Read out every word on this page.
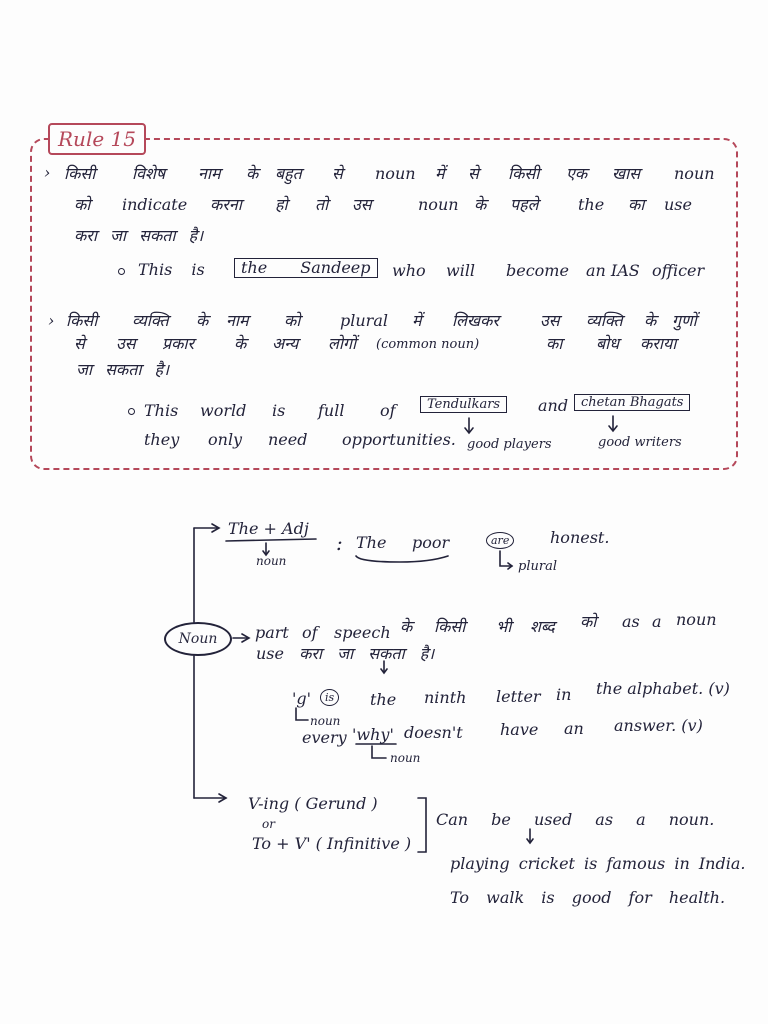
Rule 15
› किसी विशेष नाम के बहुत से noun में से किसी एक खास noun
को indicate करना हो तो उस	noun के पहले the का use
करा जा सकता है।
This is	the Sandeep	who will become an IAS officer
› किसी व्यक्ति के नाम को plural में लिखकर	उस व्यक्ति के गुणों
से उस प्रकार के अन्य लोगों (common noun)	का बोध कराया
जा सकता है।
This world is full of	Tendulkars	and chetan Bhagats
they only need opportunities. good players	good writers
Noun
The + Adj
noun
: The poor	are	honest.
plural
part of speech के किसी भी शब्द को as a noun
use करा जा सकता है।
'g'	is	the ninth letter in the alphabet. (v)
noun
every 'why' doesn't have an answer. (v)
noun
V-ing ( Gerund )
or
To + V' ( Infinitive )
Can be used as a noun.
playing cricket is famous in India.
To walk is good for health.
